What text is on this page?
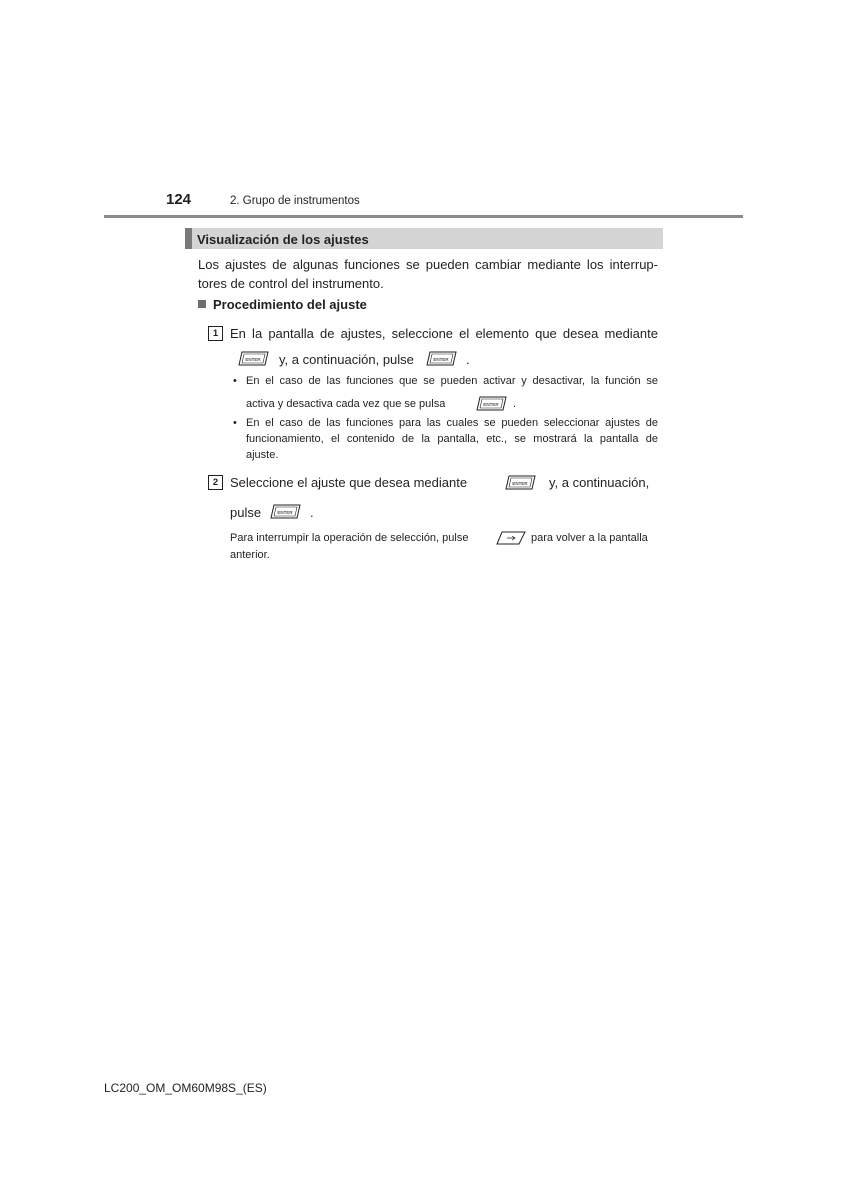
124	2. Grupo de instrumentos
Visualización de los ajustes
Los ajustes de algunas funciones se pueden cambiar mediante los interrup-
tores de control del instrumento.
Procedimiento del ajuste
1 En la pantalla de ajustes, seleccione el elemento que desea mediante
ENTER y, a continuación, pulse	ENTER .
• En el caso de las funciones que se pueden activar y desactivar, la función se
activa y desactiva cada vez que se pulsa	ENTER .
• En el caso de las funciones para las cuales se pueden seleccionar ajustes de
funcionamiento, el contenido de la pantalla, etc., se mostrará la pantalla de
ajuste.
2 Seleccione el ajuste que desea mediante	ENTER y, a continuación,
pulse	ENTER .
Para interrumpir la operación de selección, pulse	para volver a la pantalla
anterior.
LC200_OM_OM60M98S_(ES)
